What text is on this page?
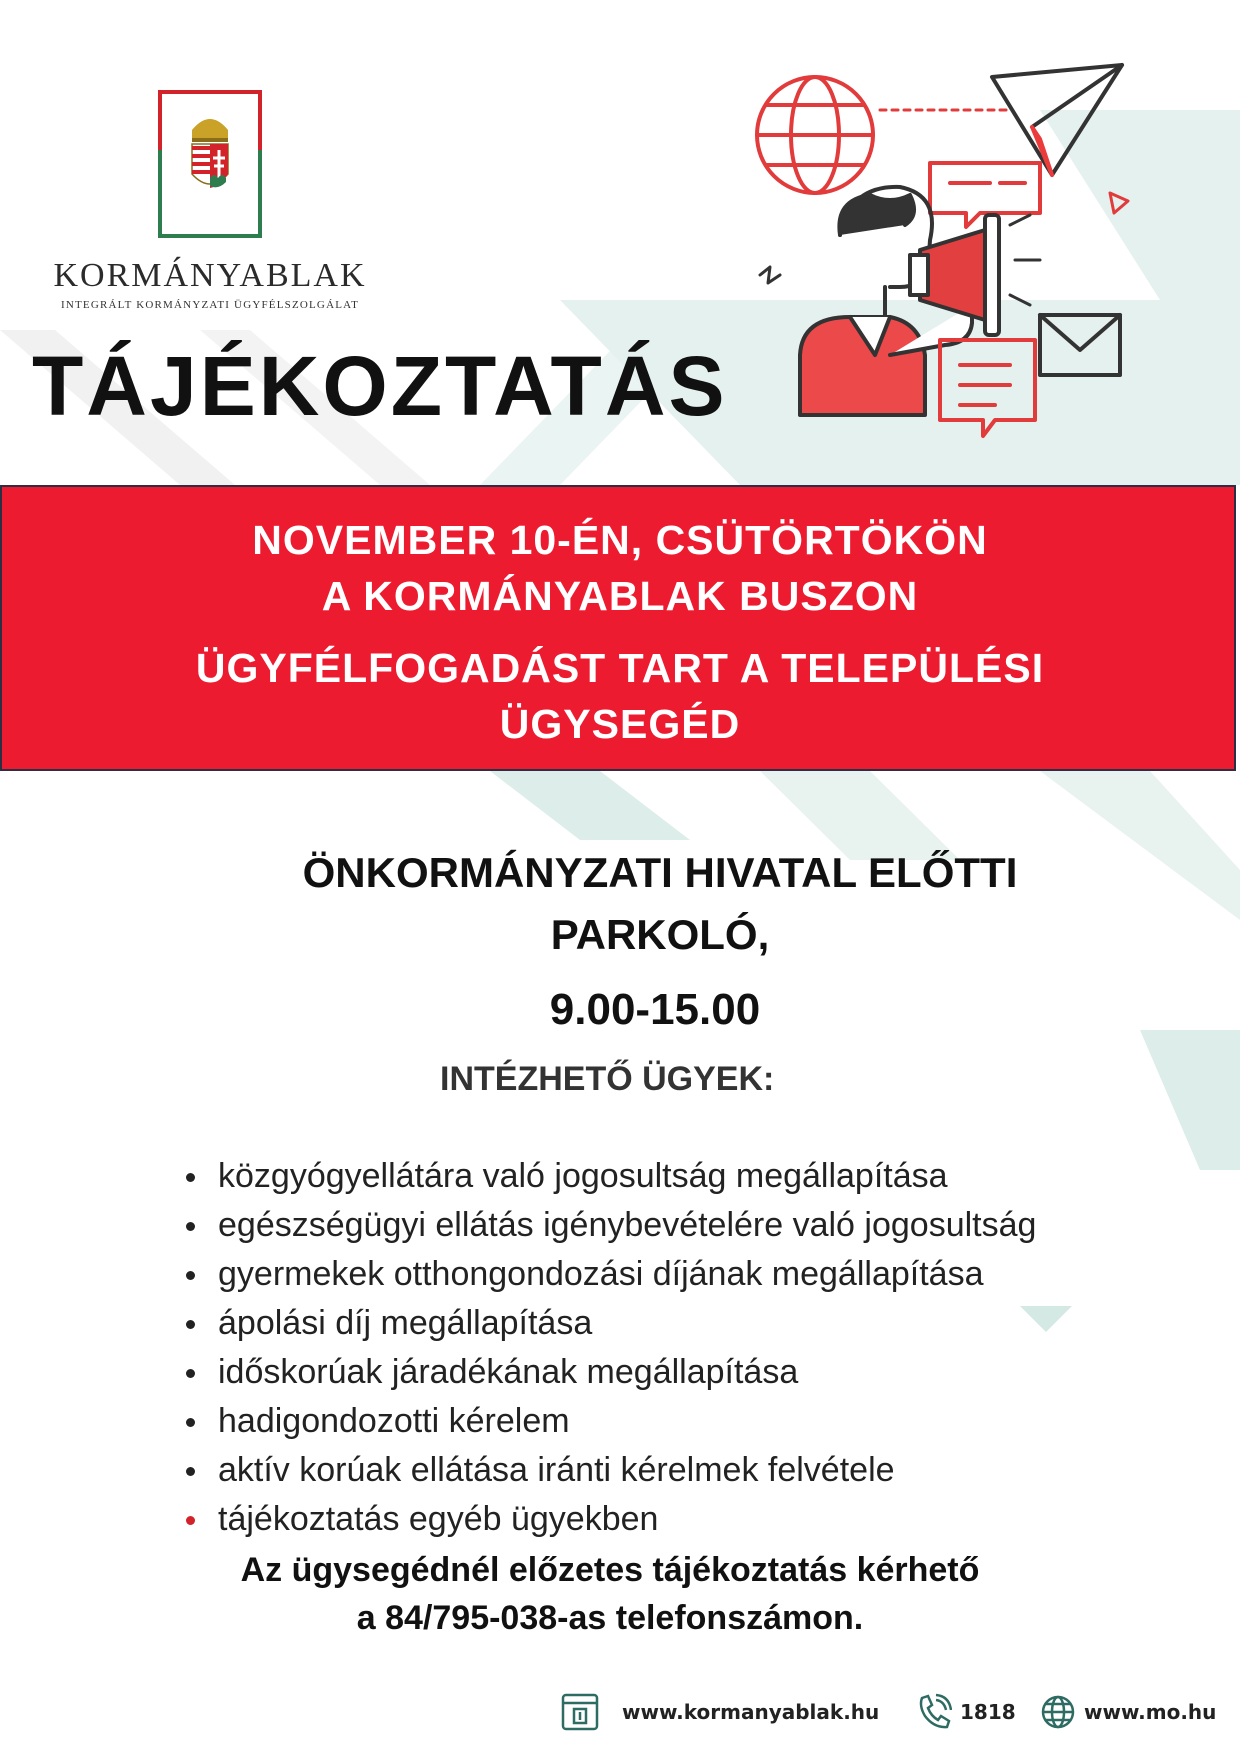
KORMÁNYABLAK
INTEGRÁLT KORMÁNYZATI ÜGYFÉLSZOLGÁLAT
TÁJÉKOZTATÁS
NOVEMBER 10-ÉN, CSÜTÖRTÖKÖN
A KORMÁNYABLAK BUSZON
ÜGYFÉLFOGADÁST TART A TELEPÜLÉSI
ÜGYSEGÉD
ÖNKORMÁNYZATI HIVATAL ELŐTTI
PARKOLÓ,
9.00-15.00
INTÉZHETŐ ÜGYEK:
közgyógyellátára való jogosultság megállapítása
egészségügyi ellátás igénybevételére való jogosultság
gyermekek otthongondozási díjának megállapítása
ápolási díj megállapítása
időskorúak járadékának megállapítása
hadigondozotti kérelem
aktív korúak ellátása iránti kérelmek felvétele
tájékoztatás egyéb ügyekben
Az ügysegédnél előzetes tájékoztatás kérhető
a 84/795-038-as telefonszámon.
www.kormanyablak.hu	1818	www.mo.hu
